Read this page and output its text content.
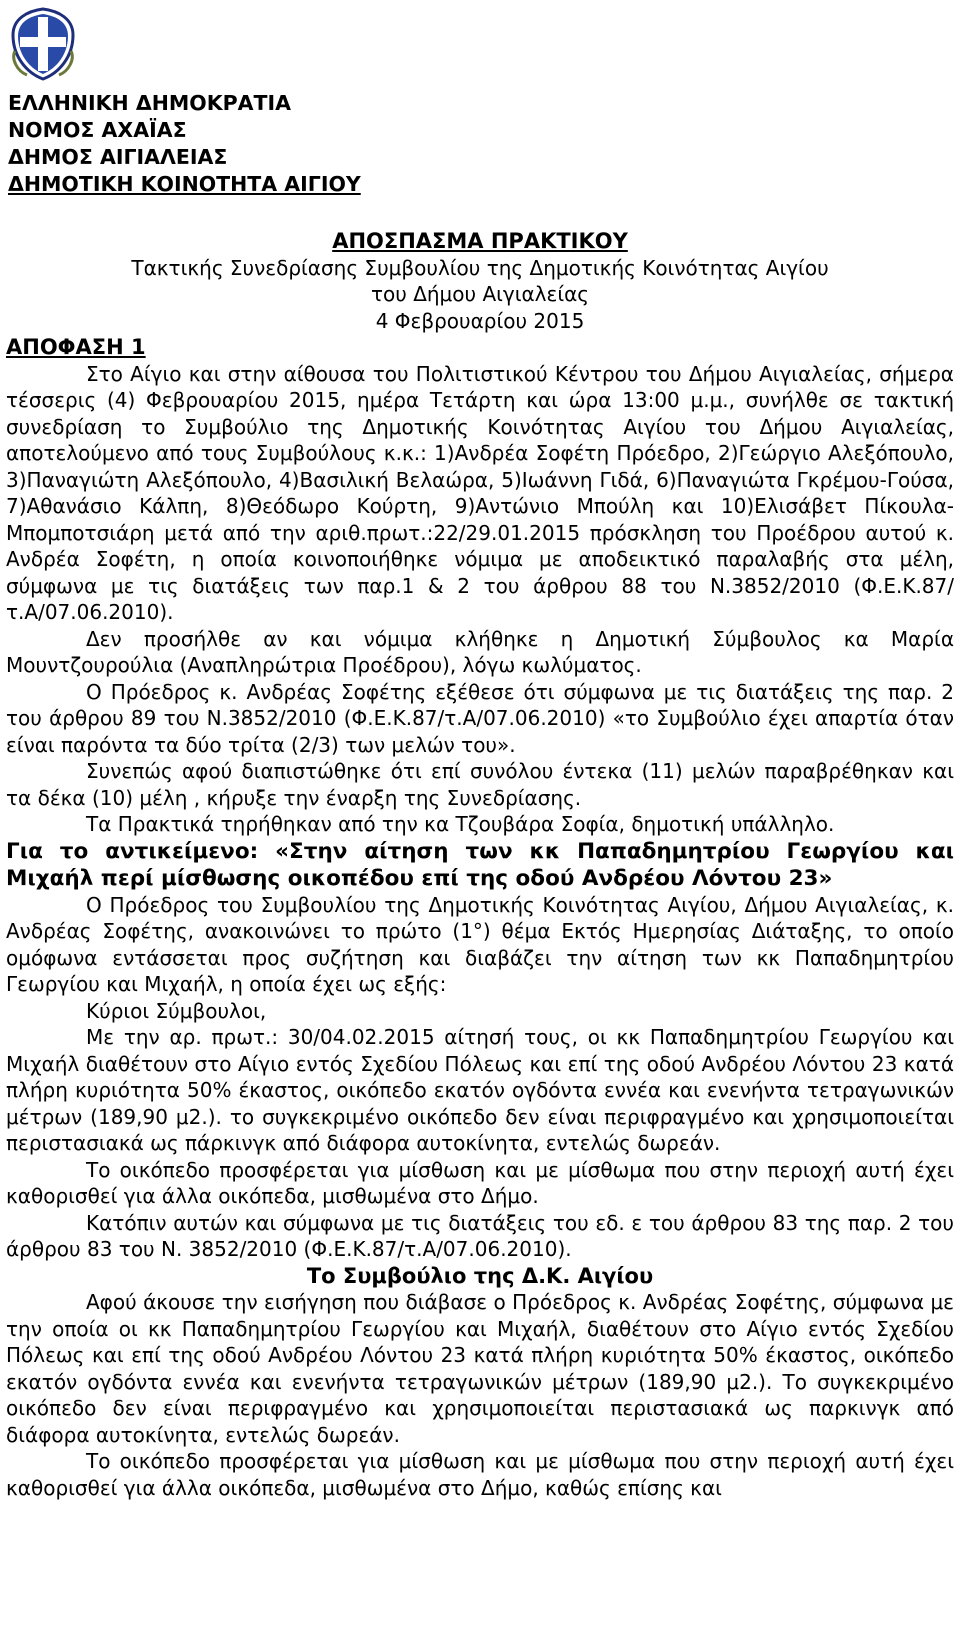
ΕΛΛΗΝΙΚΗ ΔΗΜΟΚΡΑΤΙΑ
ΝΟΜΟΣ ΑΧΑΪΑΣ
ΔΗΜΟΣ ΑΙΓΙΑΛΕΙΑΣ
ΔΗΜΟΤΙΚΗ ΚΟΙΝΟΤΗΤΑ ΑΙΓΙΟΥ
ΑΠΟΣΠΑΣΜΑ ΠΡΑΚΤΙΚΟΥ
Τακτικής Συνεδρίασης Συμβουλίου της Δημοτικής Κοινότητας Αιγίου
του Δήμου Αιγιαλείας
4 Φεβρουαρίου 2015
ΑΠΟΦΑΣΗ 1

Στο Αίγιο και στην αίθουσα του Πολιτιστικού Κέντρου του Δήμου Αιγιαλείας, σήμερα τέσσερις (4) Φεβρουαρίου 2015, ημέρα Τετάρτη και ώρα 13:00 μ.μ., συνήλθε σε τακτική συνεδρίαση το Συμβούλιο της Δημοτικής Κοινότητας Αιγίου του Δήμου Αιγιαλείας, αποτελούμενο από τους Συμβούλους κ.κ.: 1)Ανδρέα Σοφέτη Πρόεδρο, 2)Γεώργιο Αλεξόπουλο, 3)Παναγιώτη Αλεξόπουλο, 4)Βασιλική Βελαώρα, 5)Ιωάννη Γιδά, 6)Παναγιώτα Γκρέμου-Γούσα, 7)Αθανάσιο Κάλπη, 8)Θεόδωρο Κούρτη, 9)Αντώνιο Μπούλη και 10)Ελισάβετ Πίκουλα-Μπομποτσιάρη μετά από την αριθ.πρωτ.:22/29.01.2015 πρόσκληση του Προέδρου αυτού κ. Ανδρέα Σοφέτη, η οποία κοινοποιήθηκε νόμιμα με αποδεικτικό παραλαβής στα μέλη, σύμφωνα με τις διατάξεις των παρ.1 & 2 του άρθρου 88 του Ν.3852/2010 (Φ.Ε.Κ.87/τ.Α/07.06.2010).

Δεν προσήλθε αν και νόμιμα κλήθηκε η Δημοτική Σύμβουλος κα Μαρία Μουντζουρούλια (Αναπληρώτρια Προέδρου), λόγω κωλύματος.

Ο Πρόεδρος κ. Ανδρέας Σοφέτης εξέθεσε ότι σύμφωνα με τις διατάξεις της παρ. 2 του άρθρου 89 του Ν.3852/2010 (Φ.Ε.Κ.87/τ.Α/07.06.2010) «το Συμβούλιο έχει απαρτία όταν είναι παρόντα τα δύο τρίτα (2/3) των μελών του».

Συνεπώς αφού διαπιστώθηκε ότι επί συνόλου έντεκα (11) μελών παραβρέθηκαν και τα δέκα (10) μέλη , κήρυξε την έναρξη της Συνεδρίασης.

Τα Πρακτικά τηρήθηκαν από την κα Τζουβάρα Σοφία, δημοτική υπάλληλο.

Για το αντικείμενο: «Στην αίτηση των κκ Παπαδημητρίου Γεωργίου και Μιχαήλ περί μίσθωσης οικοπέδου επί της οδού Ανδρέου Λόντου 23»

Ο Πρόεδρος του Συμβουλίου της Δημοτικής Κοινότητας Αιγίου, Δήμου Αιγιαλείας, κ. Ανδρέας Σοφέτης, ανακοινώνει το πρώτο (1°) θέμα Εκτός Ημερησίας Διάταξης, το οποίο ομόφωνα εντάσσεται προς συζήτηση και διαβάζει την αίτηση των κκ Παπαδημητρίου Γεωργίου και Μιχαήλ, η οποία έχει ως εξής:

Κύριοι Σύμβουλοι,

Με την αρ. πρωτ.: 30/04.02.2015 αίτησή τους, οι κκ Παπαδημητρίου Γεωργίου και Μιχαήλ διαθέτουν στο Αίγιο εντός Σχεδίου Πόλεως και επί της οδού Ανδρέου Λόντου 23 κατά πλήρη κυριότητα 50% έκαστος, οικόπεδο εκατόν ογδόντα εννέα και ενενήντα τετραγωνικών μέτρων (189,90 μ2.). το συγκεκριμένο οικόπεδο δεν είναι περιφραγμένο και χρησιμοποιείται περιστασιακά ως πάρκινγκ από διάφορα αυτοκίνητα, εντελώς δωρεάν.

Το οικόπεδο προσφέρεται για μίσθωση και με μίσθωμα που στην περιοχή αυτή έχει καθορισθεί για άλλα οικόπεδα, μισθωμένα στο Δήμο.

Κατόπιν αυτών και σύμφωνα με τις διατάξεις του εδ. ε του άρθρου 83 της παρ. 2 του άρθρου 83 του Ν. 3852/2010 (Φ.Ε.Κ.87/τ.Α/07.06.2010).

Το Συμβούλιο της Δ.Κ. Αιγίου

Αφού άκουσε την εισήγηση που διάβασε ο Πρόεδρος κ. Ανδρέας Σοφέτης, σύμφωνα με την οποία οι κκ Παπαδημητρίου Γεωργίου και Μιχαήλ, διαθέτουν στο Αίγιο εντός Σχεδίου Πόλεως και επί της οδού Ανδρέου Λόντου 23 κατά πλήρη κυριότητα 50% έκαστος, οικόπεδο εκατόν ογδόντα εννέα και ενενήντα τετραγωνικών μέτρων (189,90 μ2.). Το συγκεκριμένο οικόπεδο δεν είναι περιφραγμένο και χρησιμοποιείται περιστασιακά ως παρκινγκ από διάφορα αυτοκίνητα, εντελώς δωρεάν.

Το οικόπεδο προσφέρεται για μίσθωση και με μίσθωμα που στην περιοχή αυτή έχει καθορισθεί για άλλα οικόπεδα, μισθωμένα στο Δήμο, καθώς επίσης και
